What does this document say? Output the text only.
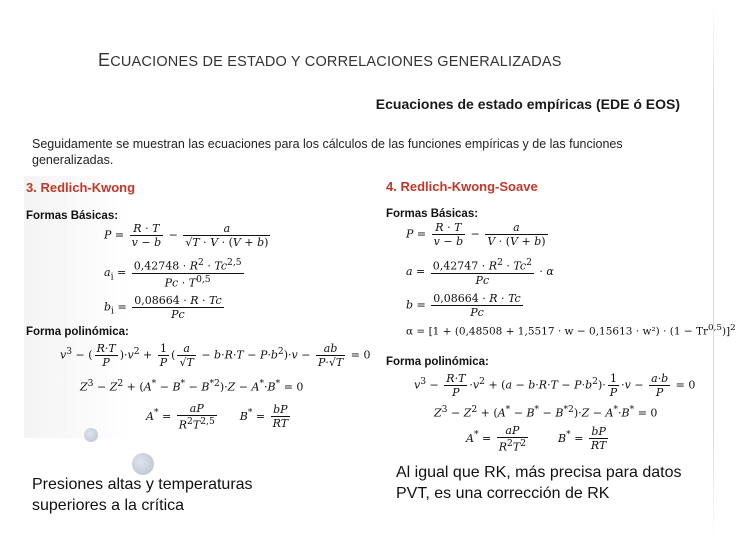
ECUACIONES DE ESTADO Y CORRELACIONES GENERALIZADAS
Ecuaciones de estado empíricas (EDE ó EOS)
Seguidamente se muestran las ecuaciones para los cálculos de las funciones empíricas y de las funciones generalizadas.
3. Redlich-Kwong
Formas Básicas:
$P = \frac{R \cdot T}{v - b} - \frac{a}{√T \cdot V \cdot (V + b)}$
$a_i = \frac{0,42748 \cdot R^2 \cdot Tc^{2,5}}{Pc \cdot T^{0,5}}$
$b_i = \frac{0,08664 \cdot R \cdot Tc}{Pc}$
Forma polinómica:
$v^3$ − ( $\frac{R\cdot T}{P} )\cdot v^2 + \frac{1}{P}$ ( $\frac{a}{√T} - b\cdot R\cdot T - P\cdot b^2)\cdot v - \frac{ab}{P\cdot√T} = 0$
$Z^3 - Z^2 + (A^* - B^* - B^{*2})\cdot Z - A^*\cdot B^* = 0$
$A^* = \frac{aP}{R^2T^{2,5}} B^* = \frac{bP}{RT}$
Presiones altas y temperaturas superiores a la crítica
4. Redlich-Kwong-Soave
Formas Básicas:
$P = \frac{R \cdot T}{v - b} - \frac{a}{V \cdot (V + b)}$
$a = \frac{0,42747 \cdot R^2 \cdot Tc^2}{Pc} \cdot \alpha$
$b = \frac{0,08664 \cdot R \cdot Tc}{Pc}$
$\alpha = [1 + (0,48508 + 1,5517 \cdot w - 0,15613 \cdot w^2) \cdot (1 - Tr^{0,5})]^2$
Forma polinómica:
$v^3 - \frac{R\cdot T}{P} \cdot v^2 + (a - b\cdot R\cdot T - P\cdot b^2)\cdot \frac{1}{P} \cdot v - \frac{a\cdot b}{P} = 0$
$Z^3 - Z^2 + (A^* - B^* - B^{*2})\cdot Z - A^*\cdot B^* = 0$
$A^* = \frac{aP}{R^2T^2}$	$B^* = \frac{bP}{RT}$
Al igual que RK, más precisa para datos PVT, es una corrección de RK
